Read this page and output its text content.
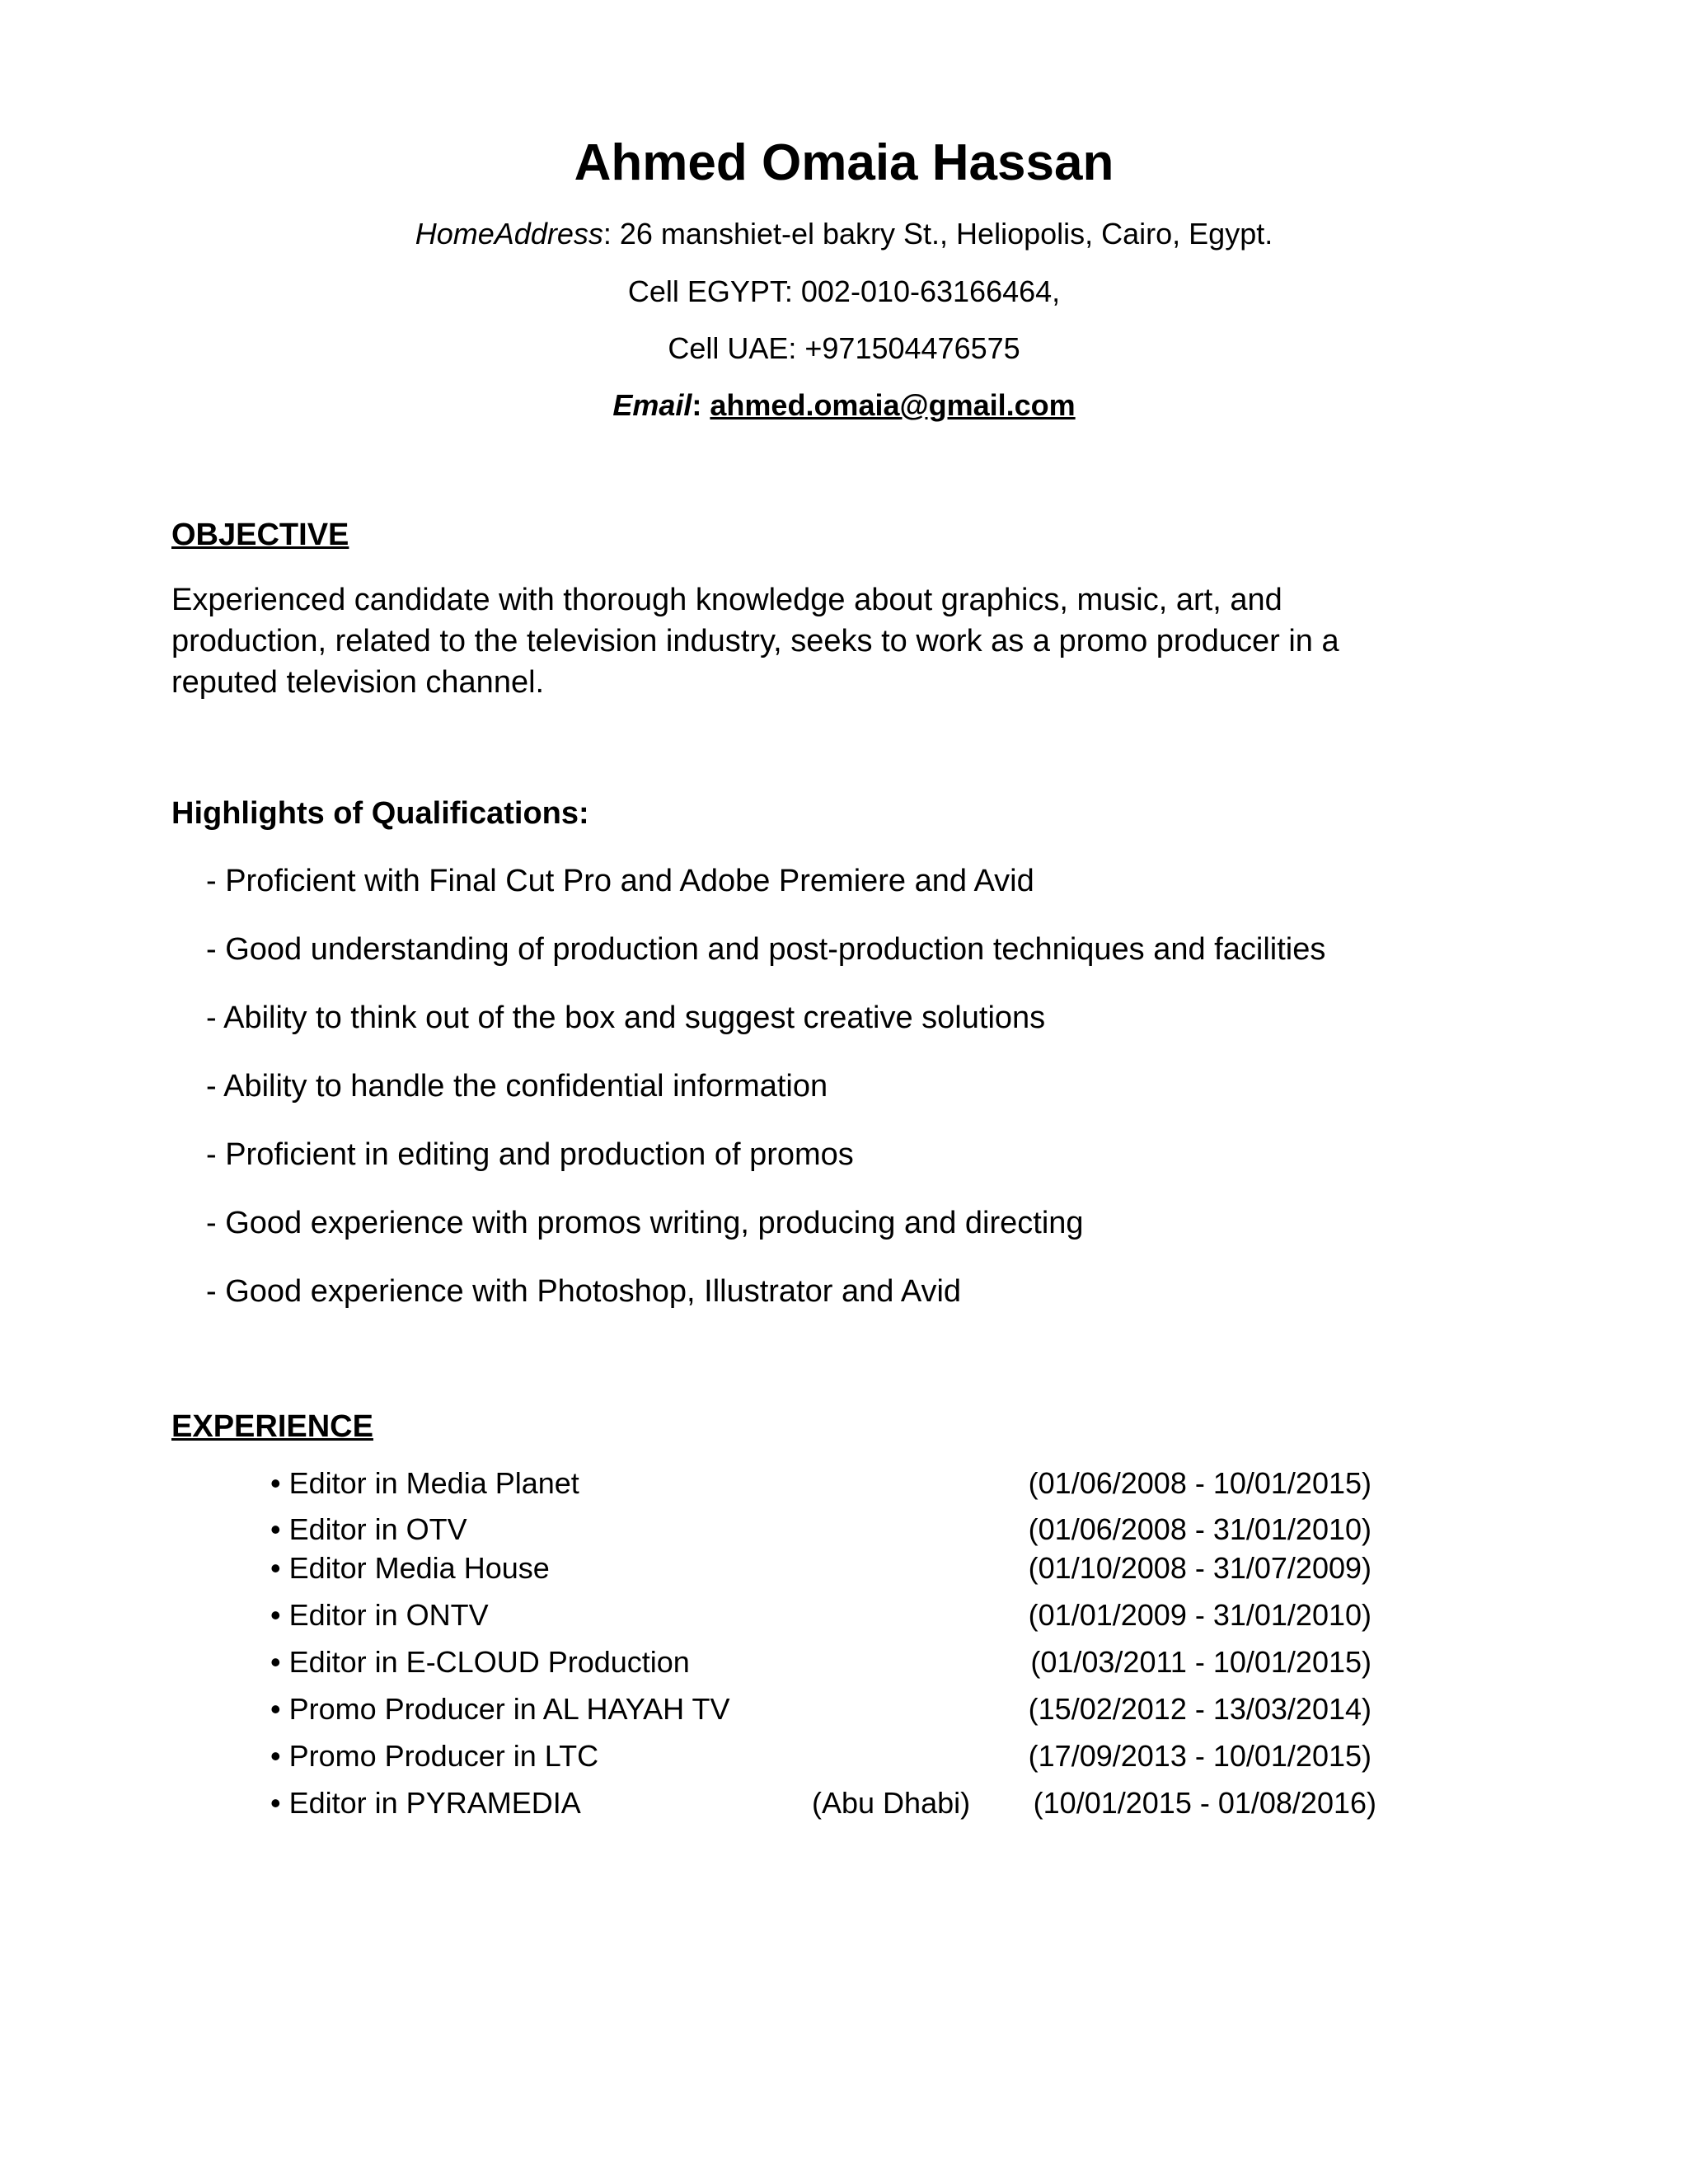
Ahmed Omaia Hassan
HomeAddress: 26 manshiet-el bakry St., Heliopolis, Cairo, Egypt.
Cell EGYPT: 002-010-63166464,
Cell UAE: +971504476575
Email: ahmed.omaia@gmail.com
OBJECTIVE
Experienced candidate with thorough knowledge about graphics, music, art, and
production, related to the television industry, seeks to work as a promo producer in a
reputed television channel.
Highlights of Qualifications:
- Proficient with Final Cut Pro and Adobe Premiere and Avid
- Good understanding of production and post-production techniques and facilities
- Ability to think out of the box and suggest creative solutions
- Ability to handle the confidential information
- Proficient in editing and production of promos
- Good experience with promos writing, producing and directing
- Good experience with Photoshop, Illustrator and Avid
EXPERIENCE
• Editor in Media Planet	(01/06/2008 - 10/01/2015)
• Editor in OTV	(01/06/2008 - 31/01/2010)
• Editor Media House	(01/10/2008 - 31/07/2009)
• Editor in ONTV	(01/01/2009 - 31/01/2010)
• Editor in E-CLOUD Production	(01/03/2011 - 10/01/2015)
• Promo Producer in AL HAYAH TV	(15/02/2012 - 13/03/2014)
• Promo Producer in LTC	(17/09/2013 - 10/01/2015)
• Editor in PYRAMEDIA	(Abu Dhabi) (10/01/2015 - 01/08/2016)
